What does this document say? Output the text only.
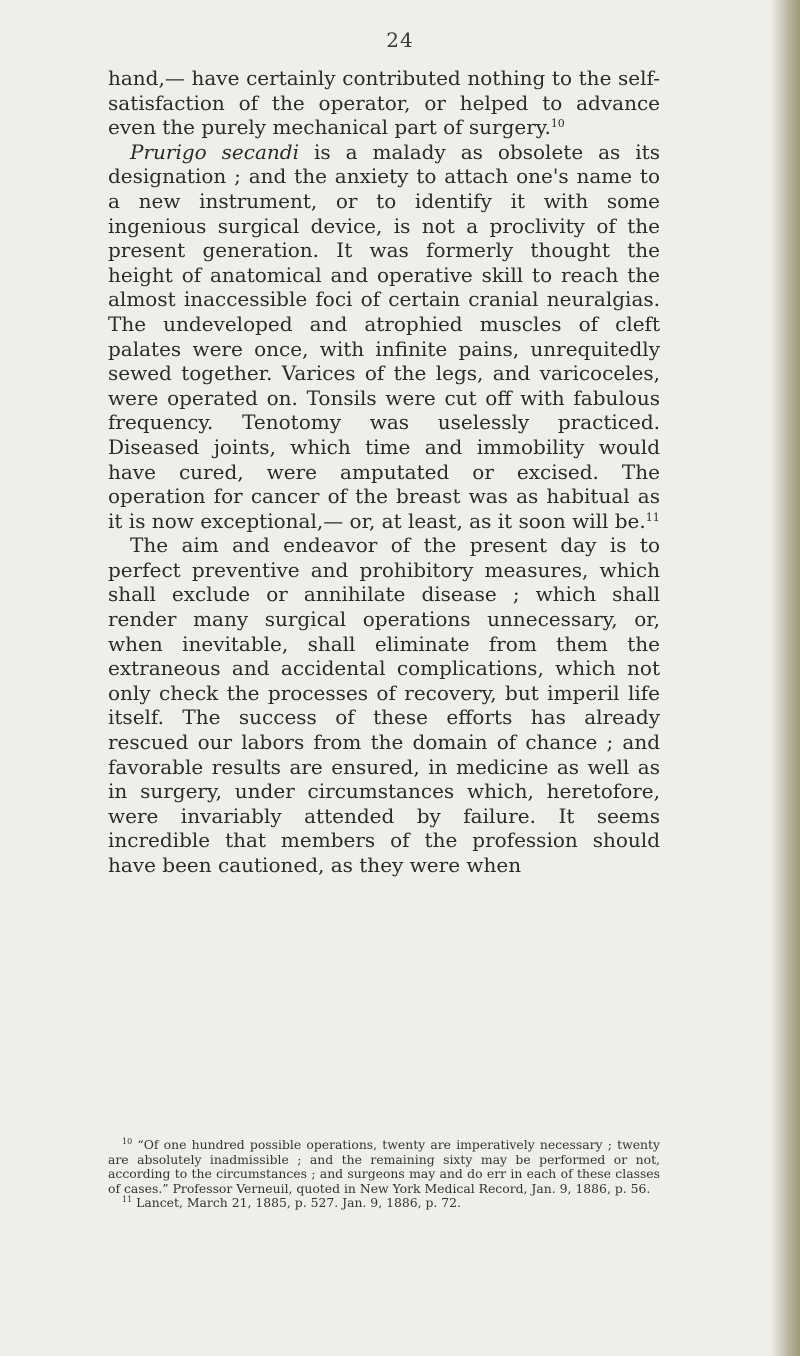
24

hand,— have certainly contributed nothing to the self-satisfaction of the operator, or helped to advance even the purely mechanical part of surgery.$^{10}$

Prurigo secandi is a malady as obsolete as its designation ; and the anxiety to attach one's name to a new instrument, or to identify it with some ingenious surgical device, is not a proclivity of the present generation. It was formerly thought the height of anatomical and operative skill to reach the almost inaccessible foci of certain cranial neuralgias. The undeveloped and atrophied muscles of cleft palates were once, with infinite pains, unrequitedly sewed together. Varices of the legs, and varicoceles, were operated on. Tonsils were cut off with fabulous frequency. Tenotomy was uselessly practiced. Diseased joints, which time and immobility would have cured, were amputated or excised. The operation for cancer of the breast was as habitual as it is now exceptional,— or, at least, as it soon will be.$^{11}$

The aim and endeavor of the present day is to perfect preventive and prohibitory measures, which shall exclude or annihilate disease ; which shall render many surgical operations unnecessary, or, when inevitable, shall eliminate from them the extraneous and accidental complications, which not only check the processes of recovery, but imperil life itself. The success of these efforts has already rescued our labors from the domain of chance ; and favorable results are ensured, in medicine as well as in surgery, under circumstances which, heretofore, were invariably attended by failure. It seems incredible that members of the profession should have been cautioned, as they were when

$^{10}$ “Of one hundred possible operations, twenty are imperatively necessary ; twenty are absolutely inadmissible ; and the remaining sixty may be performed or not, according to the circumstances ; and surgeons may and do err in each of these classes of cases.” Professor Verneuil, quoted in New York Medical Record, Jan. 9, 1886, p. 56.

$^{11}$ Lancet, March 21, 1885, p. 527. Jan. 9, 1886, p. 72.
